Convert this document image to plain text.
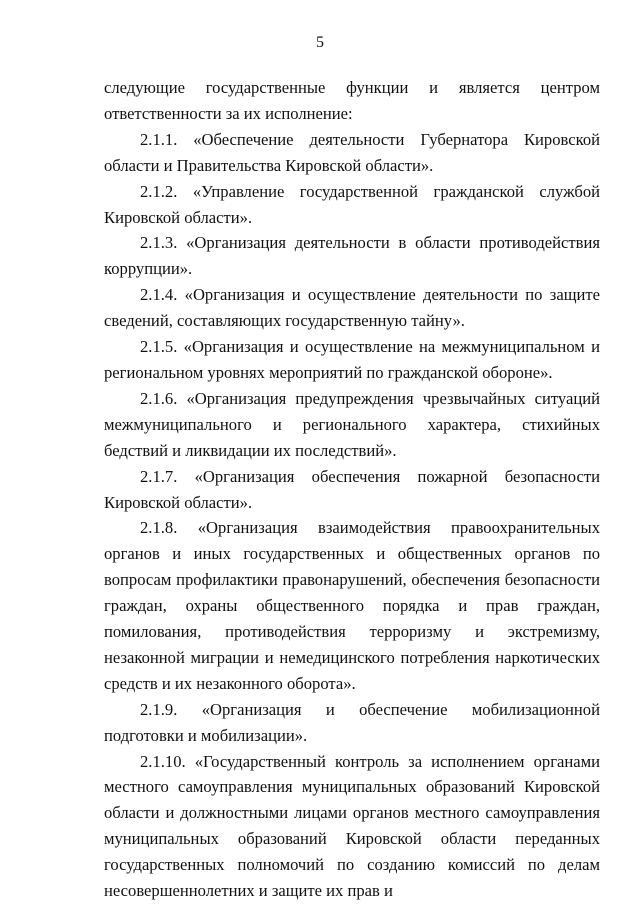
5

следующие государственные функции и является центром ответственности за их исполнение:

2.1.1. «Обеспечение деятельности Губернатора Кировской области и Правительства Кировской области».

2.1.2. «Управление государственной гражданской службой Кировской области».

2.1.3. «Организация деятельности в области противодействия коррупции».

2.1.4. «Организация и осуществление деятельности по защите сведений, составляющих государственную тайну».

2.1.5. «Организация и осуществление на межмуниципальном и региональном уровнях мероприятий по гражданской обороне».

2.1.6. «Организация предупреждения чрезвычайных ситуаций межмуниципального и регионального характера, стихийных бедствий и ликвидации их последствий».

2.1.7. «Организация обеспечения пожарной безопасности Кировской области».

2.1.8. «Организация взаимодействия правоохранительных органов и иных государственных и общественных органов по вопросам профилактики правонарушений, обеспечения безопасности граждан, охраны общественного порядка и прав граждан, помилования, противодействия терроризму и экстремизму, незаконной миграции и немедицинского потребления наркотических средств и их незаконного оборота».

2.1.9. «Организация и обеспечение мобилизационной подготовки и мобилизации».

2.1.10. «Государственный контроль за исполнением органами местного самоуправления муниципальных образований Кировской области и должностными лицами органов местного самоуправления муниципальных образований Кировской области переданных государственных полномочий по созданию комиссий по делам несовершеннолетних и защите их прав и
